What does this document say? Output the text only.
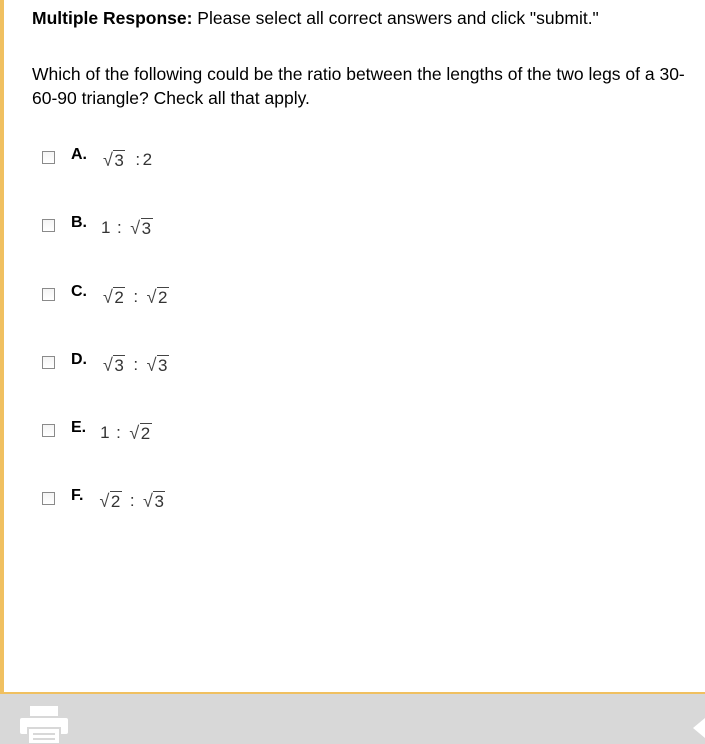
Multiple Response: Please select all correct answers and click "submit."
Which of the following could be the ratio between the lengths of the two legs of a 30-60-90 triangle? Check all that apply.
A. √ 3 : 2
B. 1 : √ 3
C. √ 2 : √ 2
D. √ 3 : √ 3
E. 1 : √ 2
F. √ 2 : √ 3
